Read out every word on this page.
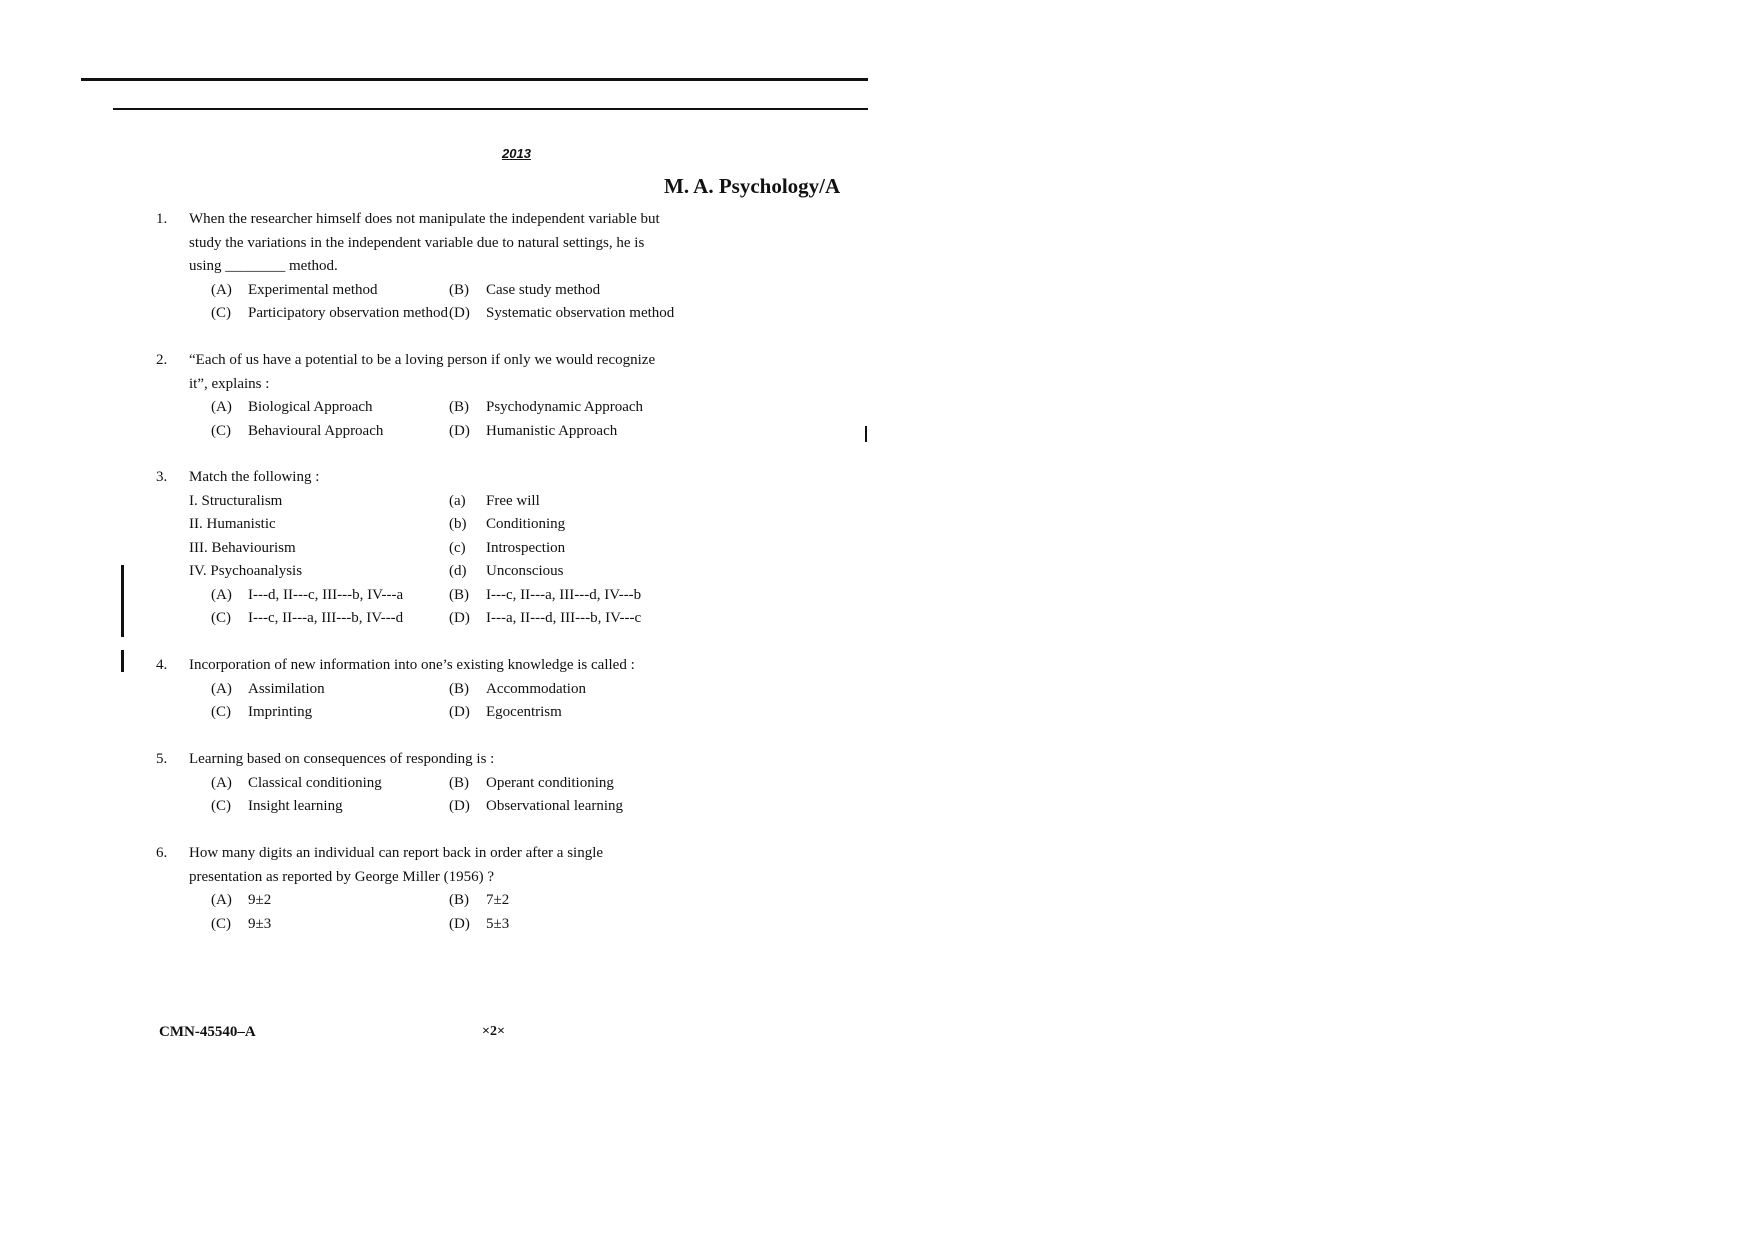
2013
M. A. Psychology/A
1.	When the researcher himself does not manipulate the independent variable but study the variations in the independent variable due to natural settings, he is using ________ method.
(A) Experimental method	(B) Case study method
(C) Participatory observation method (D) Systematic observation method
2.	“Each of us have a potential to be a loving person if only we would recognize it”, explains :
(A) Biological Approach	(B) Psychodynamic Approach
(C) Behavioural Approach	(D) Humanistic Approach
3.	Match the following :
I. Structuralism	(a) Free will
II. Humanistic	(b) Conditioning
III. Behaviourism	(c) Introspection
IV. Psychoanalysis	(d) Unconscious
(A) I---d, II---c, III---b, IV---a	(B) I---c, II---a, III---d, IV---b
(C) I---c, II---a, III---b, IV---d	(D) I---a, II---d, III---b, IV---c
4.	Incorporation of new information into one’s existing knowledge is called :
(A) Assimilation	(B) Accommodation
(C) Imprinting	(D) Egocentrism
5.	Learning based on consequences of responding is :
(A) Classical conditioning	(B) Operant conditioning
(C) Insight learning	(D) Observational learning
6.	How many digits an individual can report back in order after a single presentation as reported by George Miller (1956) ?
(A) 9±2	(B) 7±2
(C) 9±3	(D) 5±3
CMN-45540–A	×2×
